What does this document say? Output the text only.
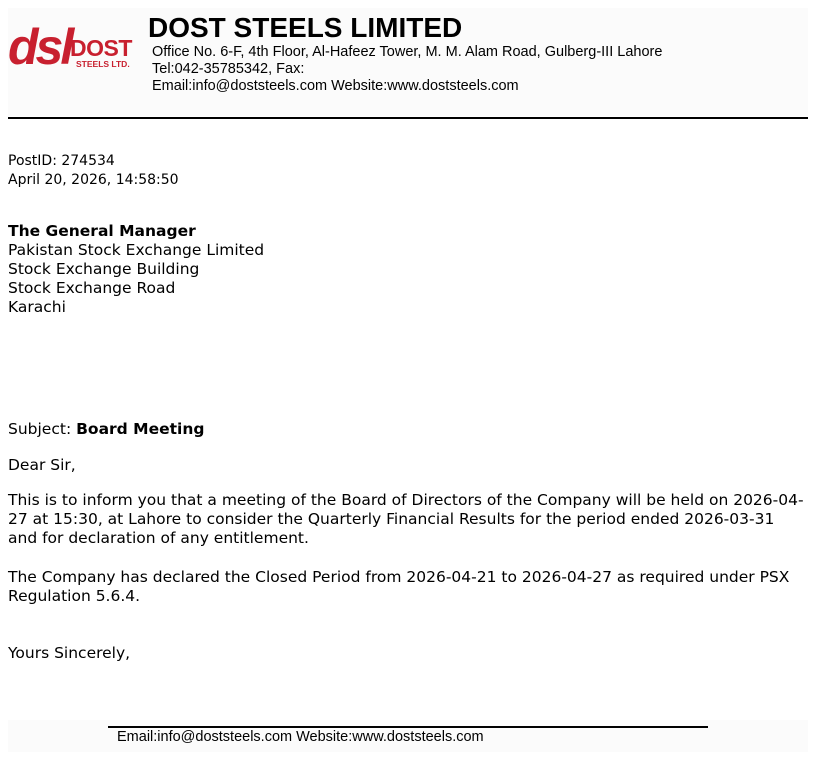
dsl
DOST
STEELS LTD.
DOST STEELS LIMITED
Office No. 6-F, 4th Floor, Al-Hafeez Tower, M. M. Alam Road, Gulberg-III Lahore
Tel:042-35785342, Fax:
Email:info@doststeels.com Website:www.doststeels.com
PostID: 274534
April 20, 2026, 14:58:50
The General Manager
Pakistan Stock Exchange Limited
Stock Exchange Building
Stock Exchange Road
Karachi
Subject: Board Meeting
Dear Sir,
This is to inform you that a meeting of the Board of Directors of the Company will be held on 2026-04-27 at 15:30, at Lahore to consider the Quarterly Financial Results for the period ended 2026-03-31 and for declaration of any entitlement.
The Company has declared the Closed Period from 2026-04-21 to 2026-04-27 as required under PSX Regulation 5.6.4.
Yours Sincerely,
Email:info@doststeels.com Website:www.doststeels.com
